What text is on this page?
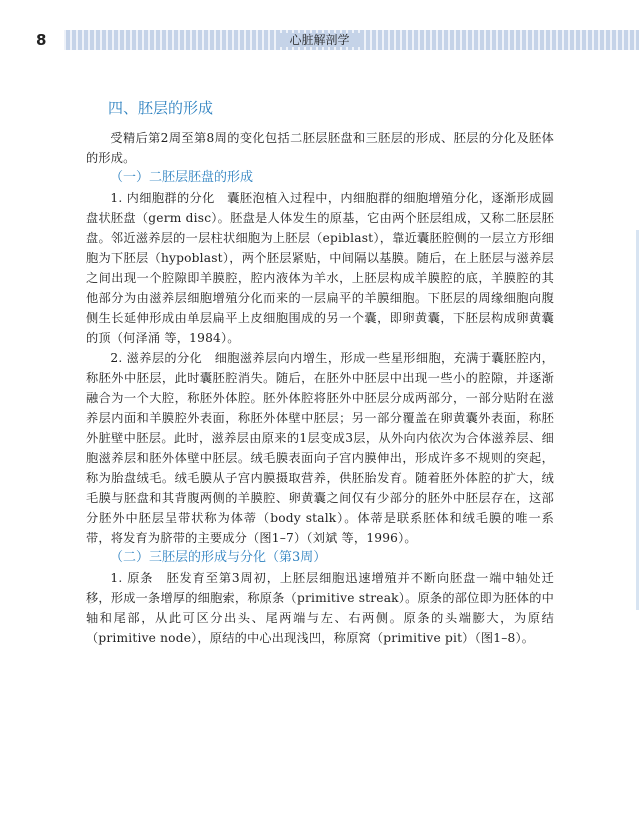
心脏解剖学
8
四、胚层的形成

受精后第2周至第8周的变化包括二胚层胚盘和三胚层的形成、胚层的分化及胚体的形成。

（一）二胚层胚盘的形成

1. 内细胞群的分化　囊胚泡植入过程中，内细胞群的细胞增殖分化，逐渐形成圆盘状胚盘（germ disc）。胚盘是人体发生的原基，它由两个胚层组成，又称二胚层胚盘。邻近滋养层的一层柱状细胞为上胚层（epiblast），靠近囊胚腔侧的一层立方形细胞为下胚层（hypoblast），两个胚层紧贴，中间隔以基膜。随后，在上胚层与滋养层之间出现一个腔隙即羊膜腔，腔内液体为羊水，上胚层构成羊膜腔的底，羊膜腔的其他部分为由滋养层细胞增殖分化而来的一层扁平的羊膜细胞。下胚层的周缘细胞向腹侧生长延伸形成由单层扁平上皮细胞围成的另一个囊，即卵黄囊，下胚层构成卵黄囊的顶（何泽涌 等，1984）。

2. 滋养层的分化　细胞滋养层向内增生，形成一些星形细胞，充满于囊胚腔内，称胚外中胚层，此时囊胚腔消失。随后，在胚外中胚层中出现一些小的腔隙，并逐渐融合为一个大腔，称胚外体腔。胚外体腔将胚外中胚层分成两部分，一部分贴附在滋养层内面和羊膜腔外表面，称胚外体壁中胚层；另一部分覆盖在卵黄囊外表面，称胚外脏壁中胚层。此时，滋养层由原来的1层变成3层，从外向内依次为合体滋养层、细胞滋养层和胚外体壁中胚层。绒毛膜表面向子宫内膜伸出，形成许多不规则的突起，称为胎盘绒毛。绒毛膜从子宫内膜摄取营养，供胚胎发育。随着胚外体腔的扩大，绒毛膜与胚盘和其背腹两侧的羊膜腔、卵黄囊之间仅有少部分的胚外中胚层存在，这部分胚外中胚层呈带状称为体蒂（body stalk）。体蒂是联系胚体和绒毛膜的唯一系带，将发育为脐带的主要成分（图1–7）（刘斌 等，1996）。

（二）三胚层的形成与分化（第3周）

1. 原条　胚发育至第3周初，上胚层细胞迅速增殖并不断向胚盘一端中轴处迁移，形成一条增厚的细胞索，称原条（primitive streak）。原条的部位即为胚体的中轴和尾部，从此可区分出头、尾两端与左、右两侧。原条的头端膨大，为原结（primitive node），原结的中心出现浅凹，称原窝（primitive pit）（图1–8）。
